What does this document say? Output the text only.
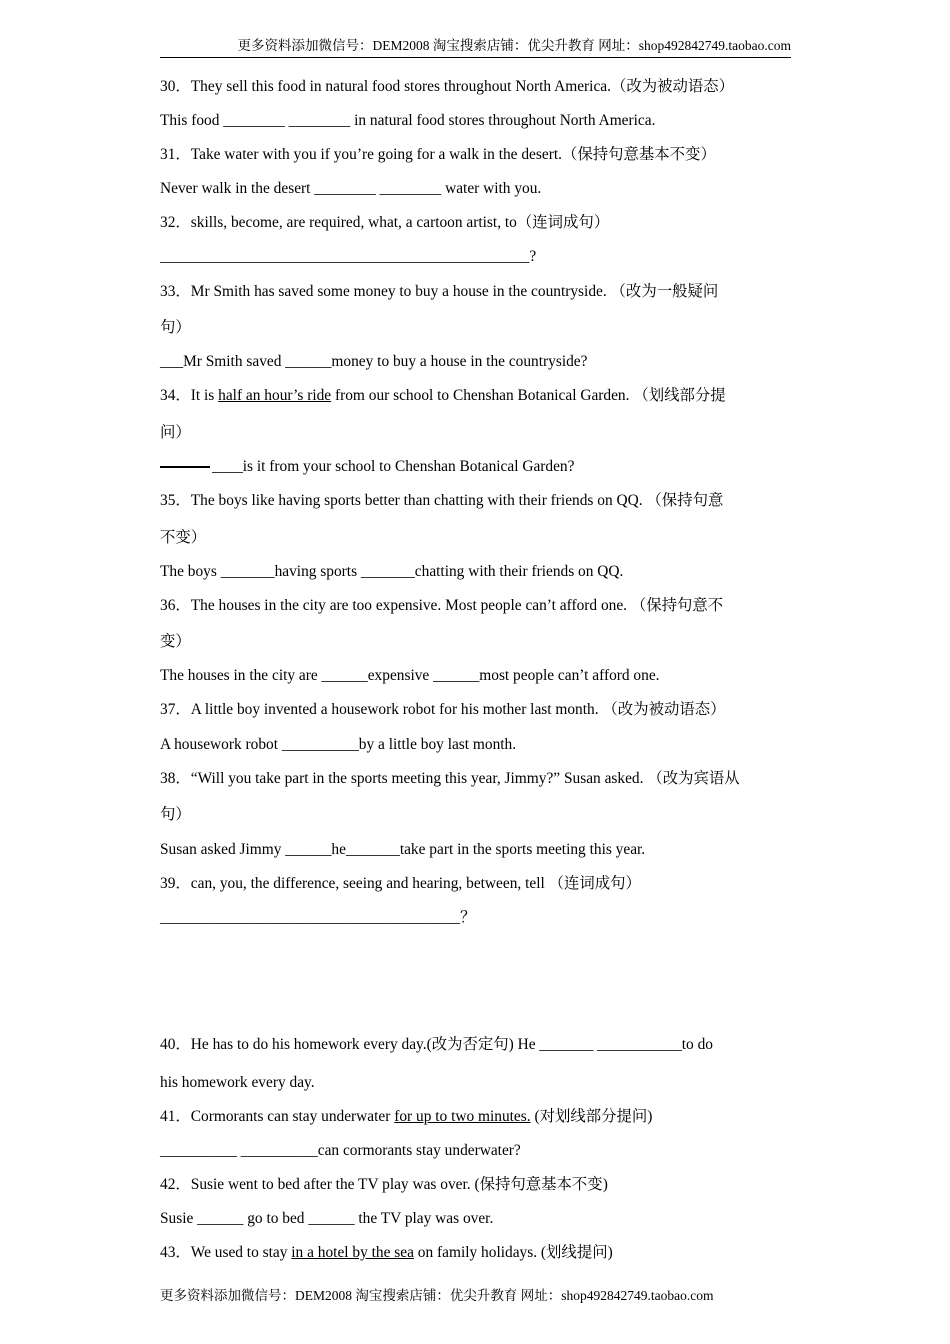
更多资料添加微信号：DEM2008 淘宝搜索店铺：优尖升教育 网址：shop492842749.taobao.com
30．They sell this food in natural food stores throughout North America.（改为被动语态）
This food ________ ________ in natural food stores throughout North America.
31．Take water with you if you’re going for a walk in the desert.（保持句意基本不变）
Never walk in the desert ________ ________ water with you.
32．skills, become, are required, what, a cartoon artist, to（连词成句）
________________________________________________?
33．Mr Smith has saved some money to buy a house in the countryside. （改为一般疑问
句）
___Mr Smith saved ______money to buy a house in the countryside?
34．It is half an hour’s ride from our school to Chenshan Botanical Garden. （划线部分提
问）
____is it from your school to Chenshan Botanical Garden?
35．The boys like having sports better than chatting with their friends on QQ. （保持句意
不变）
The boys _______having sports _______chatting with their friends on QQ.
36．The houses in the city are too expensive. Most people can’t afford one. （保持句意不
变）
The houses in the city are ______expensive ______most people can’t afford one.
37．A little boy invented a housework robot for his mother last month. （改为被动语态）
A housework robot __________by a little boy last month.
38．“Will you take part in the sports meeting this year, Jimmy?” Susan asked. （改为宾语从
句）
Susan asked Jimmy ______he_______take part in the sports meeting this year.
39．can, you, the difference, seeing and hearing, between, tell （连词成句）
_______________________________________？
40．He has to do his homework every day.(改为否定句) He _______ ___________to do
his homework every day.
41．Cormorants can stay underwater for up to two minutes. (对划线部分提问)
__________ __________can cormorants stay underwater?
42．Susie went to bed after the TV play was over. (保持句意基本不变)
Susie ______ go to bed ______ the TV play was over.
43．We used to stay in a hotel by the sea on family holidays. (划线提问)
更多资料添加微信号：DEM2008 淘宝搜索店铺：优尖升教育 网址：shop492842749.taobao.com
